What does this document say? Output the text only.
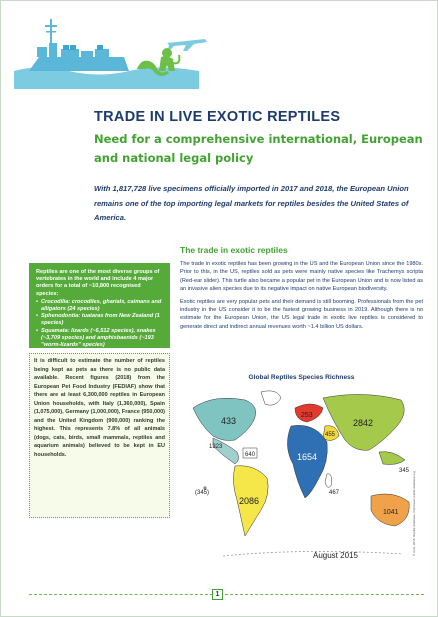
TRADE IN LIVE EXOTIC REPTILES
Need for a comprehensive international, European and national legal policy
With 1,817,728 live specimens officially imported in 2017 and 2018, the European Union remains one of the top importing legal markets for reptiles besides the United States of America.
Reptiles are one of the most diverse groups of vertebrates in the world and include 4 major orders for a total of ~10,800 recognised species:
• Crocodilia: crocodiles, gharials, caimans and alligators (24 species)
• Sphenodontia: tuataras from New Zealand (1 species)
• Squamata: lizards (~6,512 species), snakes (~3,709 species) and amphisbaenids (~193 "worm-lizards" species)
•
It is difficult to estimate the number of reptiles being kept as pets as there is no public data available. Recent figures (2018) from the European Pet Food Industry (FEDIAF) show that there are at least 6,300,000 reptiles in European Union households, with Italy (1,360,000), Spain (1,075,000), Germany (1,000,000), France (950,000) and the United Kingdom (900,000) ranking the highest. This represents 7.8% of all animals (dogs, cats, birds, small mammals, reptiles and aquarium animals) believed to be kept in EU households.
The trade in exotic reptiles

The trade in exotic reptiles has been growing in the US and the European Union since the 1980s. Prior to this, in the US, reptiles sold as pets were mainly native species like Trachemys scripta (Red-ear slider). This turtle also became a popular pet in the European Union and is now listed as an invasive alien species due to its negative impact on native European biodiversity.

Exotic reptiles are very popular pets and their demand is still booming. Professionals from the pet industry in the US consider it to be the fastest growing business in 2019. Although there is no estimate for the European Union, the US legal trade in exotic live reptiles is considered to generate direct and indirect annual revenues worth ~1.4 billion US dollars.

Global Reptiles Species Richness
433
1323
640
(345)
2086
253
455
1654
2842
467
345
1041
August 2015	© Uetz, 2015. Reptile database, http://www.reptile-database.org
1
